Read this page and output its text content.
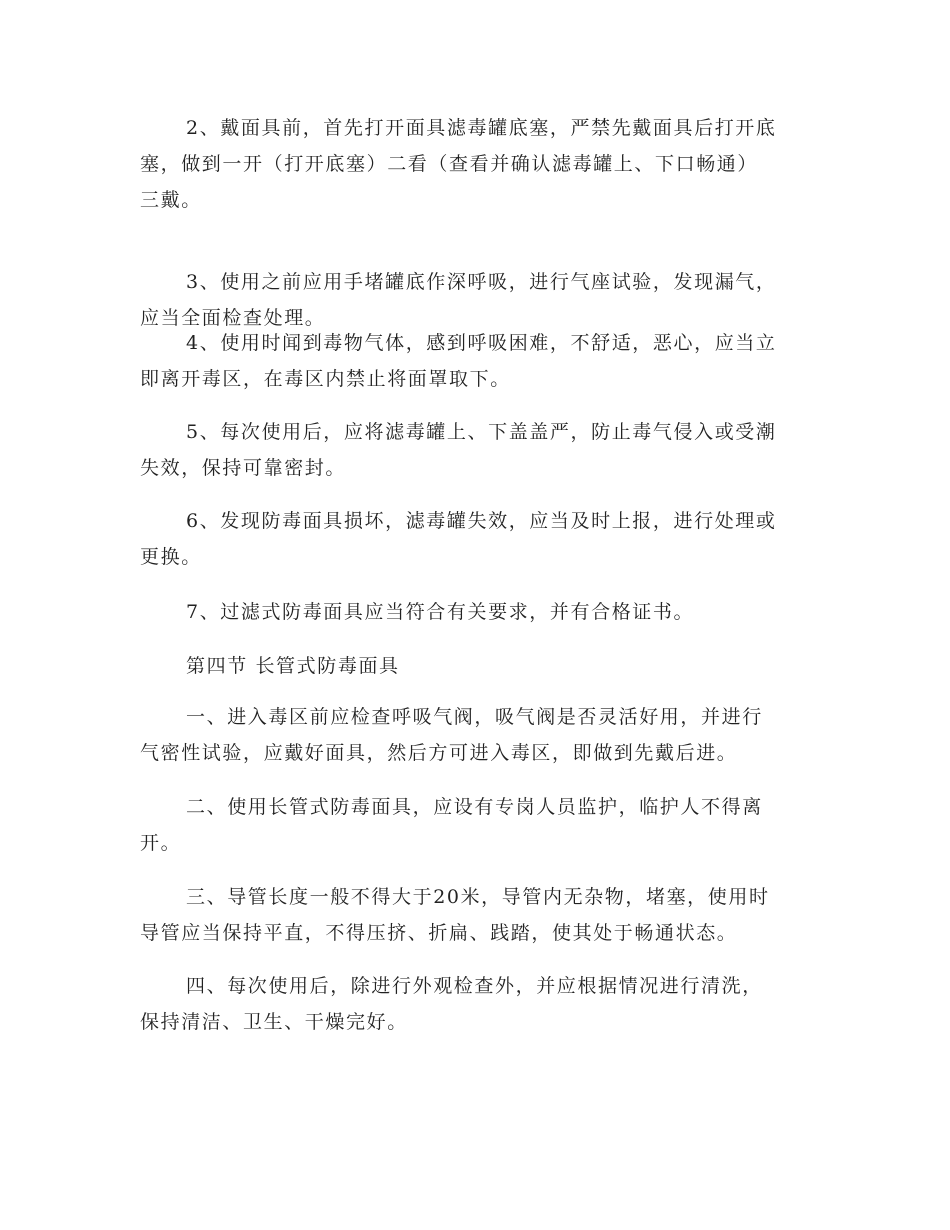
2、戴面具前，首先打开面具滤毒罐底塞，严禁先戴面具后打开底
塞，做到一开（打开底塞）二看（查看并确认滤毒罐上、下口畅通）
三戴。
3、使用之前应用手堵罐底作深呼吸，进行气座试验，发现漏气，
应当全面检查处理。
4、使用时闻到毒物气体，感到呼吸困难，不舒适，恶心，应当立
即离开毒区，在毒区内禁止将面罩取下。
5、每次使用后，应将滤毒罐上、下盖盖严，防止毒气侵入或受潮
失效，保持可靠密封。
6、发现防毒面具损坏，滤毒罐失效，应当及时上报，进行处理或
更换。
7、过滤式防毒面具应当符合有关要求，并有合格证书。
第四节 长管式防毒面具
一、进入毒区前应检查呼吸气阀，吸气阀是否灵活好用，并进行
气密性试验，应戴好面具，然后方可进入毒区，即做到先戴后进。
二、使用长管式防毒面具，应设有专岗人员监护，临护人不得离
开。
三、导管长度一般不得大于20米，导管内无杂物，堵塞，使用时
导管应当保持平直，不得压挤、折扁、践踏，使其处于畅通状态。
四、每次使用后，除进行外观检查外，并应根据情况进行清洗，
保持清洁、卫生、干燥完好。
